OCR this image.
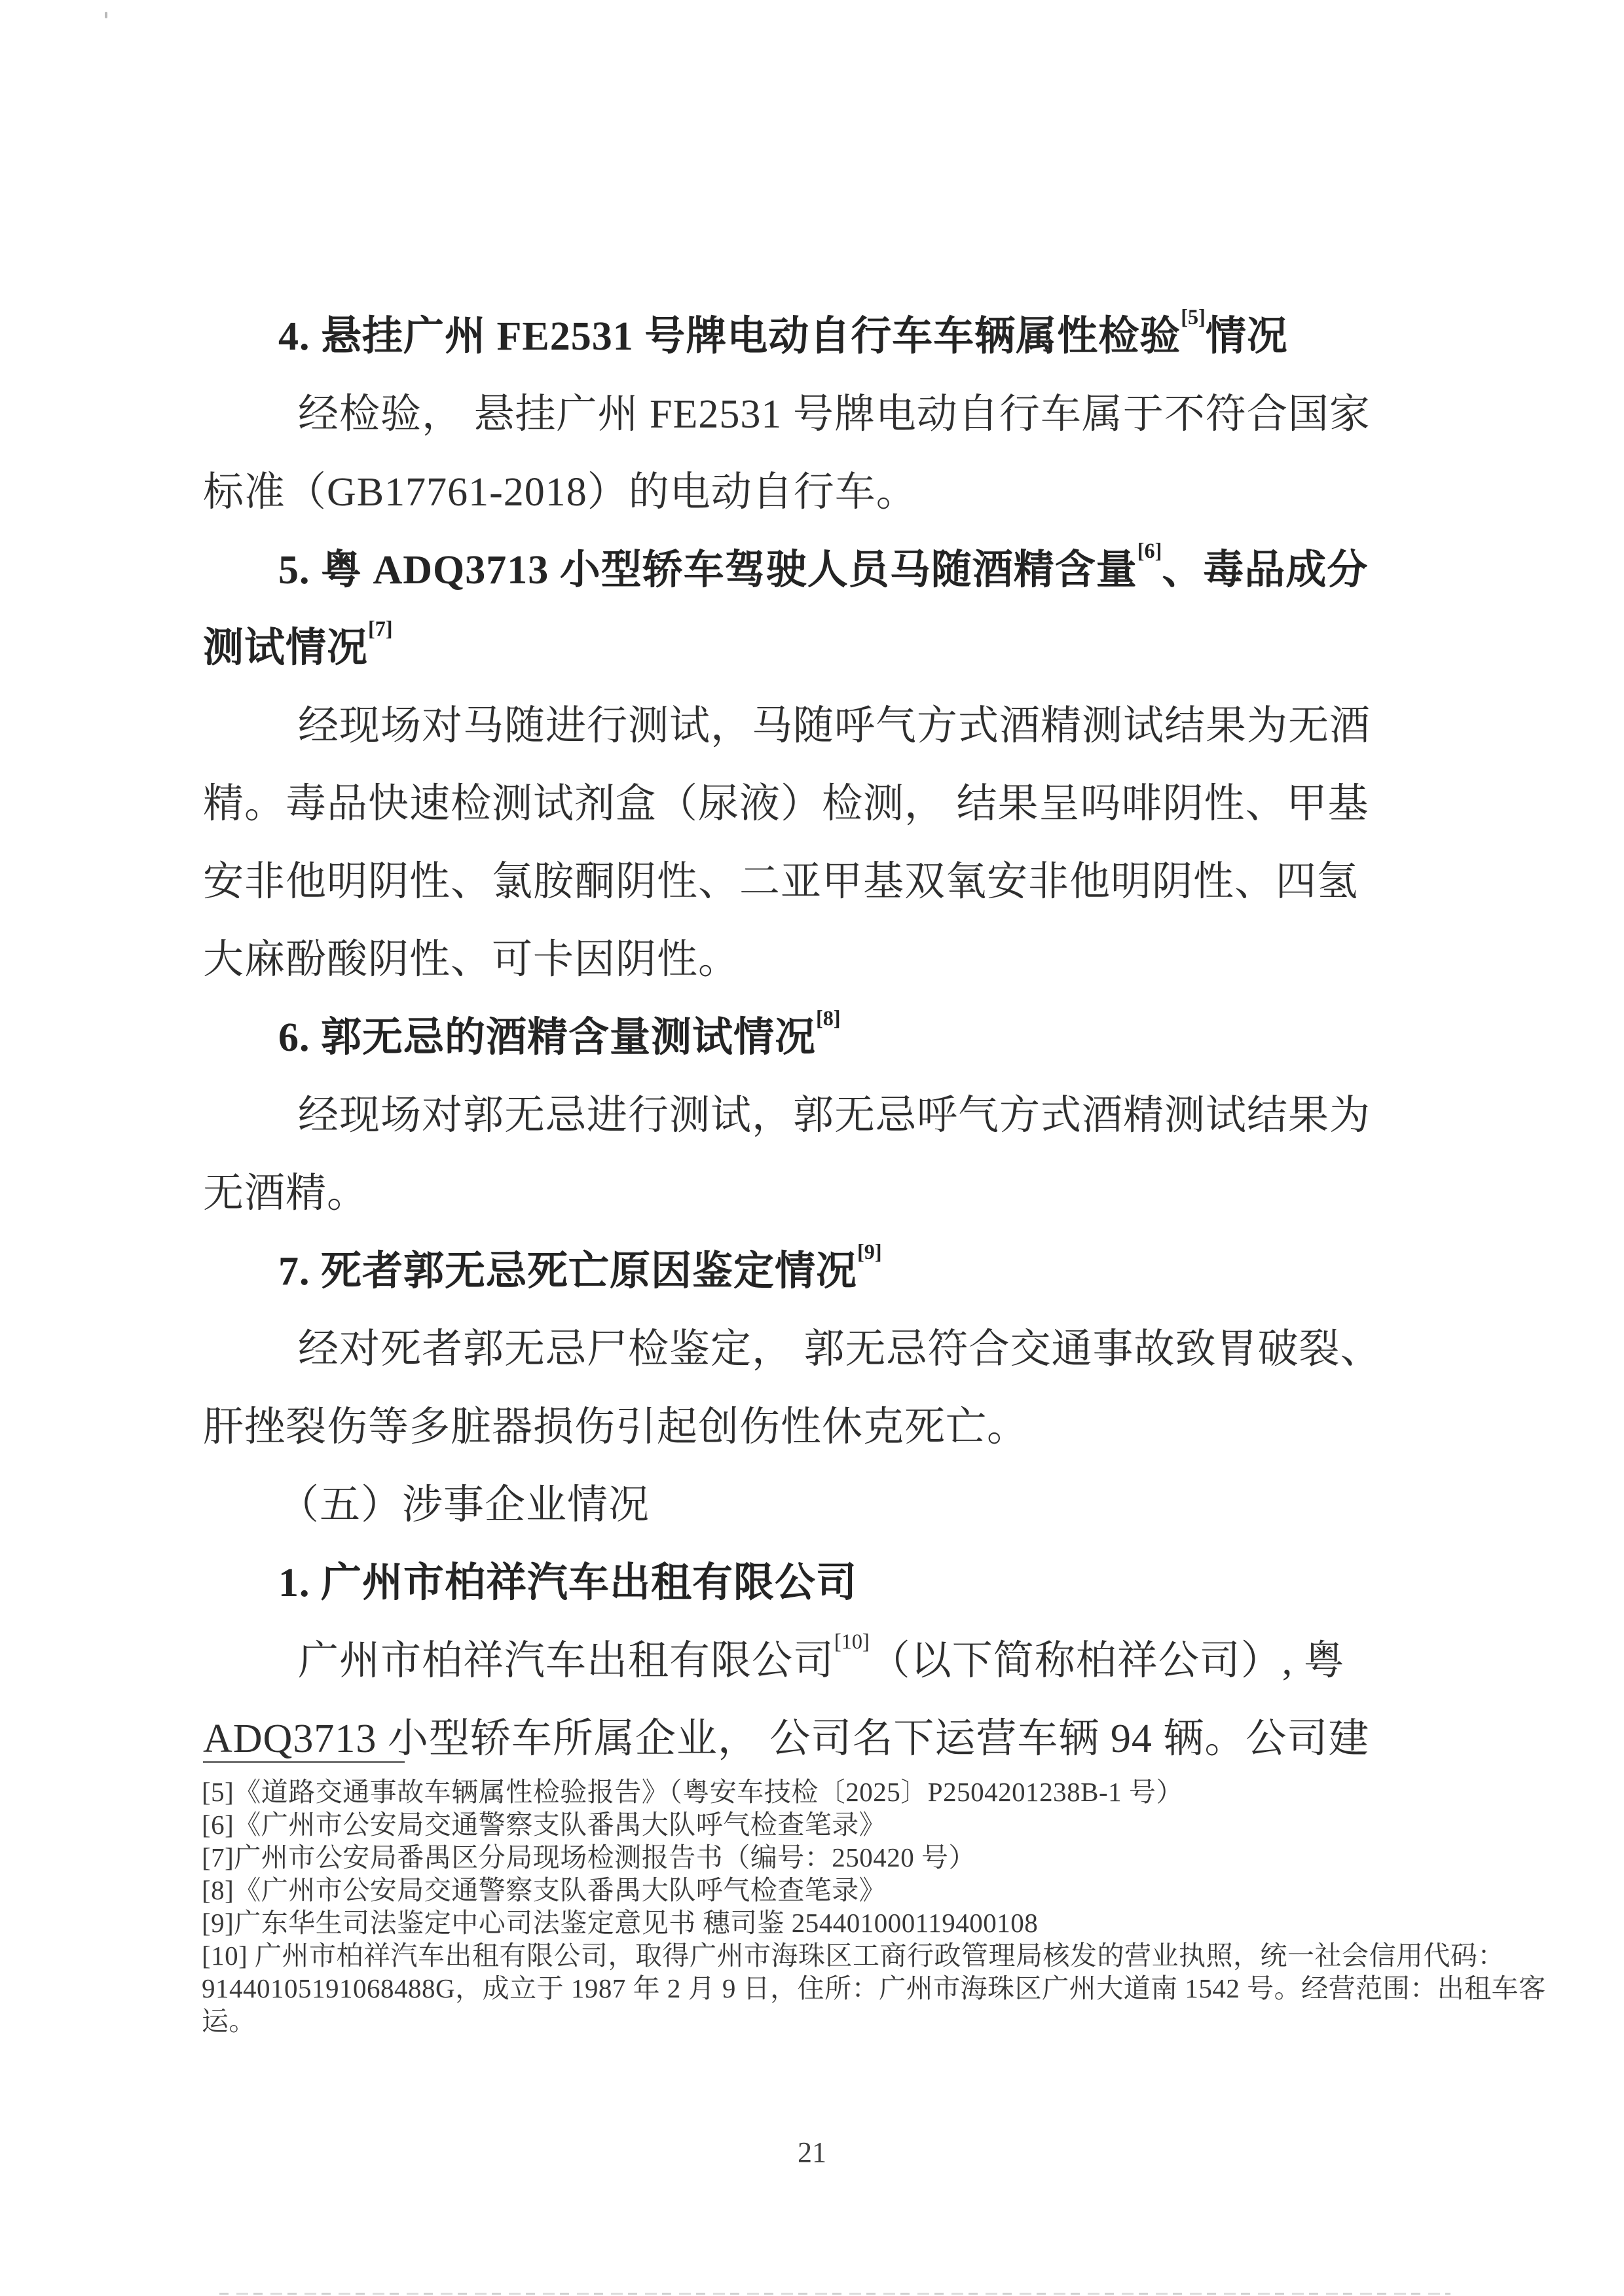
4. 悬挂广州 FE2531 号牌电动自行车车辆属性检验[5]情况
经检验， 悬挂广州 FE2531 号牌电动自行车属于不符合国家
标准（GB17761-2018）的电动自行车。
5. 粤 ADQ3713 小型轿车驾驶人员马随酒精含量[6]、毒品成分
测试情况[7]
经现场对马随进行测试，马随呼气方式酒精测试结果为无酒
精。毒品快速检测试剂盒（尿液）检测， 结果呈吗啡阴性、甲基
安非他明阴性、氯胺酮阴性、二亚甲基双氧安非他明阴性、四氢
大麻酚酸阴性、可卡因阴性。
6. 郭无忌的酒精含量测试情况[8]
经现场对郭无忌进行测试，郭无忌呼气方式酒精测试结果为
无酒精。
7. 死者郭无忌死亡原因鉴定情况[9]
经对死者郭无忌尸检鉴定， 郭无忌符合交通事故致胃破裂、
肝挫裂伤等多脏器损伤引起创伤性休克死亡。
（五）涉事企业情况
1. 广州市柏祥汽车出租有限公司
广州市柏祥汽车出租有限公司[10]（以下简称柏祥公司）, 粤
ADQ3713 小型轿车所属企业， 公司名下运营车辆 94 辆。公司建
[5]《道路交通事故车辆属性检验报告》（粤安车技检〔2025〕P2504201238B-1 号）
[6]《广州市公安局交通警察支队番禺大队呼气检查笔录》
[7]广州市公安局番禺区分局现场检测报告书（编号：250420 号）
[8]《广州市公安局交通警察支队番禺大队呼气检查笔录》
[9]广东华生司法鉴定中心司法鉴定意见书 穗司鉴 254401000119400108
[10] 广州市柏祥汽车出租有限公司，取得广州市海珠区工商行政管理局核发的营业执照，统一社会信用代码：
91440105191068488G，成立于 1987 年 2 月 9 日，住所：广州市海珠区广州大道南 1542 号。经营范围：出租车客
运。
21
